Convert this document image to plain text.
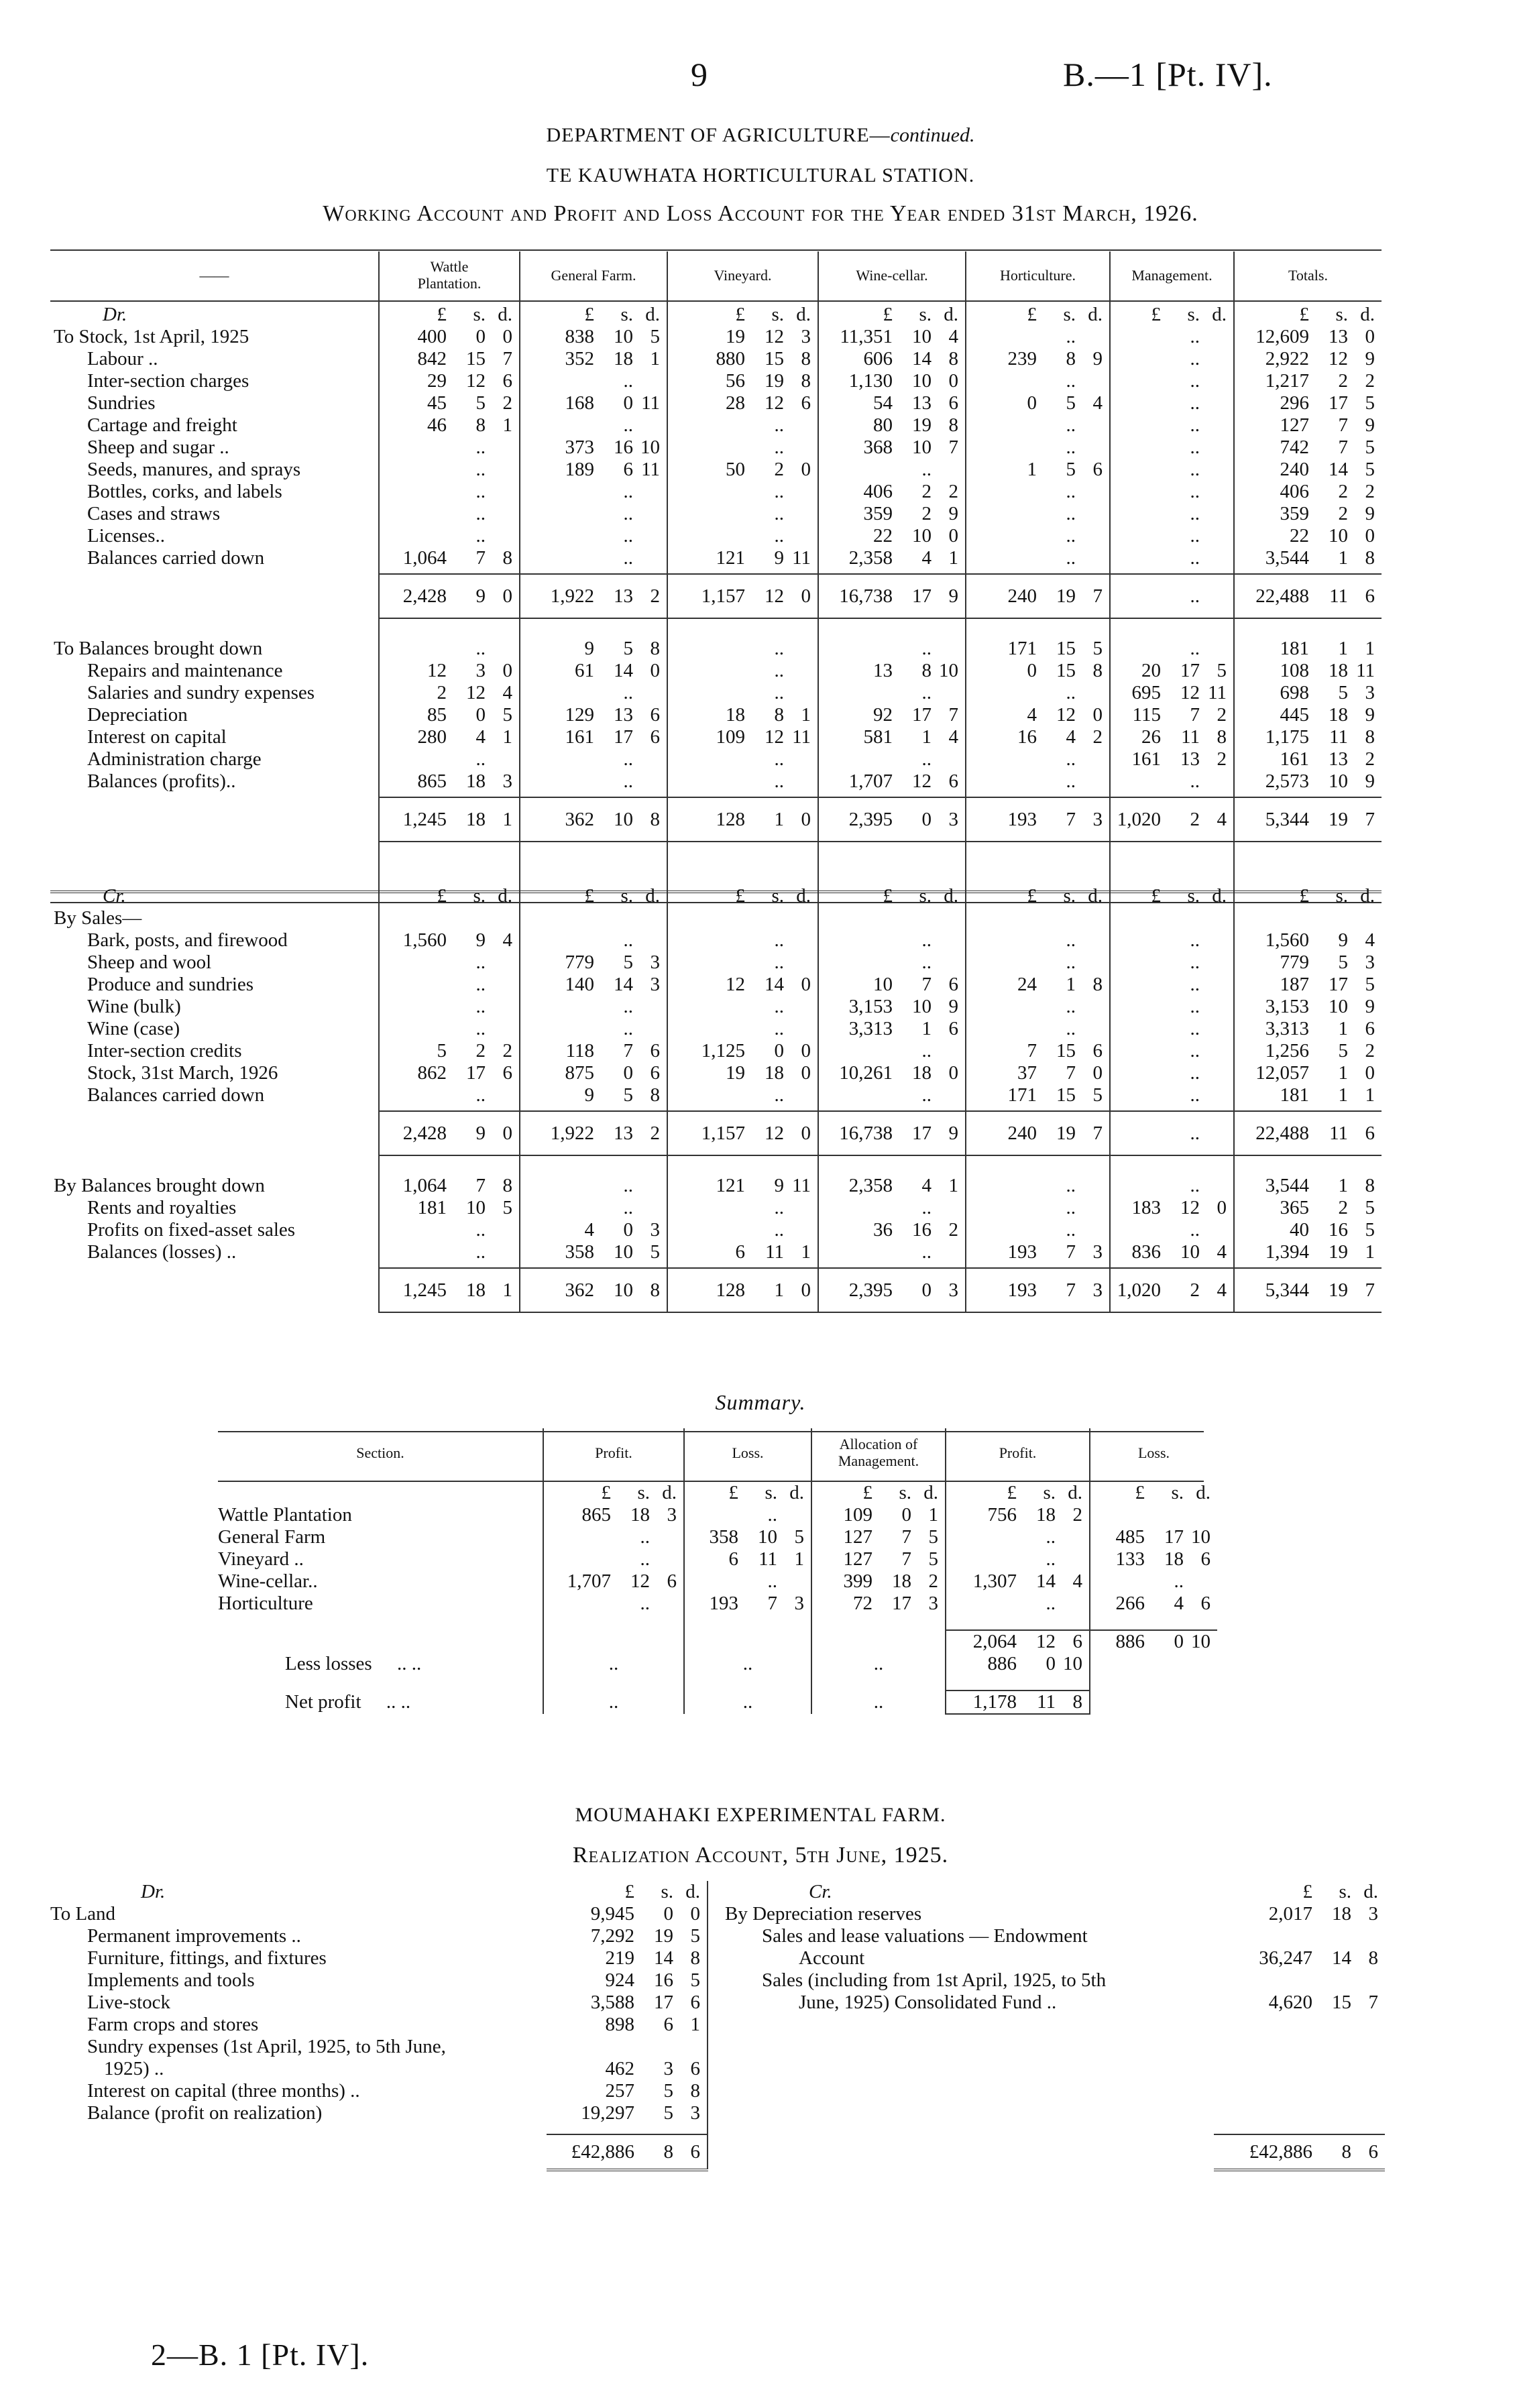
9	B.—1 [Pt. IV].
DEPARTMENT OF AGRICULTURE—continued.
TE KAUWHATA HORTICULTURAL STATION.
Working Account and Profit and Loss Account for the Year ended 31st March, 1926.
——	Wattle Plantation.	General Farm.	Vineyard.	Wine-cellar.	Horticulture.	Management.	Totals.
Dr.	£ s. d.	£ s. d.	£ s. d.	£ s. d.	£ s. d.	£ s. d.	£ s. d.

To Stock, 1st April, 1925	400 0 0	838 10 5	19 12 3	11,351 10 4	..	..	12,609 13 0

Labour ..	842 15 7	352 18 1	880 15 8	606 14 8	239 8 9	..	2,922 12 9

Inter-section charges	29 12 6	..	56 19 8	1,130 10 0	..	..	1,217 2 2

Sundries	45 5 2	168 0 11	28 12 6	54 13 6	0 5 4	..	296 17 5

Cartage and freight	46 8 1	..	..	80 19 8	..	..	127 7 9

Sheep and sugar ..	..	373 16 10	..	368 10 7	..	..	742 7 5

Seeds, manures, and sprays	..	189 6 11	50 2 0	..	1 5 6	..	240 14 5

Bottles, corks, and labels	..	..	..	406 2 2	..	..	406 2 2

Cases and straws	..	..	..	359 2 9	..	..	359 2 9

Licenses..	..	..	..	22 10 0	..	..	22 10 0

Balances carried down	1,064 7 8	..	121 9 11	2,358 4 1	..	..	3,544 1 8

	2,428 9 0	1,922 13 2	1,157 12 0	16,738 17 9	240 19 7	..	22,488 11 6

To Balances brought down	..	9 5 8	..	..	171 15 5	..	181 1 1

Repairs and maintenance	12 3 0	61 14 0	..	13 8 10	0 15 8	20 17 5	108 18 11

Salaries and sundry expenses	2 12 4	..	..	..	..	695 12 11	698 5 3

Depreciation	85 0 5	129 13 6	18 8 1	92 17 7	4 12 0	115 7 2	445 18 9

Interest on capital	280 4 1	161 17 6	109 12 11	581 1 4	16 4 2	26 11 8	1,175 11 8

Administration charge	..	..	..	..	..	161 13 2	161 13 2

Balances (profits)..	865 18 3	..	..	1,707 12 6	..	..	2,573 10 9

	1,245 18 1	362 10 8	128 1 0	2,395 0 3	193 7 3	1,020 2 4	5,344 19 7

Cr.	£ s. d.	£ s. d.	£ s. d.	£ s. d.	£ s. d.	£ s. d.	£ s. d.

By Sales—							
Bark, posts, and firewood	1,560 9 4	..	..	..	..	..	1,560 9 4

Sheep and wool	..	779 5 3	..	..	..	..	779 5 3

Produce and sundries	..	140 14 3	12 14 0	10 7 6	24 1 8	..	187 17 5

Wine (bulk)	..	..	..	3,153 10 9	..	..	3,153 10 9

Wine (case)	..	..	..	3,313 1 6	..	..	3,313 1 6

Inter-section credits	5 2 2	118 7 6	1,125 0 0	..	7 15 6	..	1,256 5 2

Stock, 31st March, 1926	862 17 6	875 0 6	19 18 0	10,261 18 0	37 7 0	..	12,057 1 0

Balances carried down	..	9 5 8	..	..	171 15 5	..	181 1 1

	2,428 9 0	1,922 13 2	1,157 12 0	16,738 17 9	240 19 7	..	22,488 11 6

By Balances brought down	1,064 7 8	..	121 9 11	2,358 4 1	..	..	3,544 1 8

Rents and royalties	181 10 5	..	..	..	..	183 12 0	365 2 5

Profits on fixed-asset sales	..	4 0 3	..	36 16 2	..	..	40 16 5

Balances (losses) ..	..	358 10 5	6 11 1	..	193 7 3	836 10 4	1,394 19 1

	1,245 18 1	362 10 8	128 1 0	2,395 0 3	193 7 3	1,020 2 4	5,344 19 7
Section.	Profit.	Loss.	Allocation of Management.	Profit.	Loss.

	£ s. d.	£ s. d.	£ s. d.	£ s. d.	£ s. d.

Wattle Plantation	865 18 3	..	109 0 1	756 18 2	

General Farm	..	358 10 5	127 7 5	..	485 17 10

Vineyard ..	..	6 11 1	127 7 5	..	133 18 6

Wine-cellar..	1,707 12 6	..	399 18 2	1,307 14 4	..

Horticulture	..	193 7 3	72 17 3	..	266 4 6

				2,064 12 6	886 0 10

Less losses .. ..	..	..	..	886 0 10	

Net profit .. ..	..	..	..	1,178 11 8	

Summary.
MOUMAHAKI EXPERIMENTAL FARM.
Realization Account, 5th June, 1925.
Dr.	£ s. d.	Cr.	£ s. d.

To Land	9,945 0 0	By Depreciation reserves	2,017 18 3

Permanent improvements ..	7,292 19 5	Sales and lease valuations — Endowment	

Furniture, fittings, and fixtures	219 14 8	Account	36,247 14 8

Implements and tools	924 16 5	Sales (including from 1st April, 1925, to 5th	

Live-stock	3,588 17 6	June, 1925) Consolidated Fund ..	4,620 15 7

Farm crops and stores	898 6 1		

Sundry expenses (1st April, 1925, to 5th June,	

1925) ..	462 3 6		

Interest on capital (three months) ..	257 5 8		

Balance (profit on realization)	19,297 5 3		

	£42,886 8 6		£42,886 8 6
2—B. 1 [Pt. IV].
